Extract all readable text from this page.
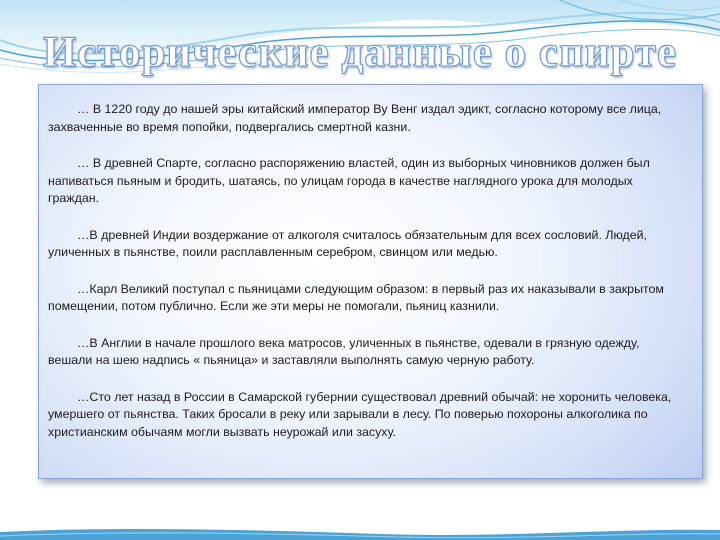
Исторические данные о спирте

… В 1220 году до нашей эры китайский император Ву Венг издал эдикт, согласно которому все лица, захваченные во время попойки, подвергались смертной казни.

… В древней Спарте, согласно распоряжению властей, один из выборных чиновников должен был напиваться пьяным и бродить, шатаясь, по улицам города в качестве наглядного урока для молодых граждан.

…В древней Индии воздержание от алкоголя считалось обязательным для всех сословий. Людей, уличенных в пьянстве, поили расплавленным серебром, свинцом или медью.

…Карл Великий поступал с пьяницами следующим образом: в первый раз их наказывали в закрытом помещении, потом публично. Если же эти меры не помогали, пьяниц казнили.

…В Англии в начале прошлого века матросов, уличенных в пьянстве, одевали в грязную одежду, вешали на шею надпись « пьяница» и заставляли выполнять самую черную работу.

…Сто лет назад в России в Самарской губернии существовал древний обычай: не хоронить человека, умершего от пьянства. Таких бросали в реку или зарывали в лесу. По поверью похороны алкоголика по христианским обычаям могли вызвать неурожай или засуху.
